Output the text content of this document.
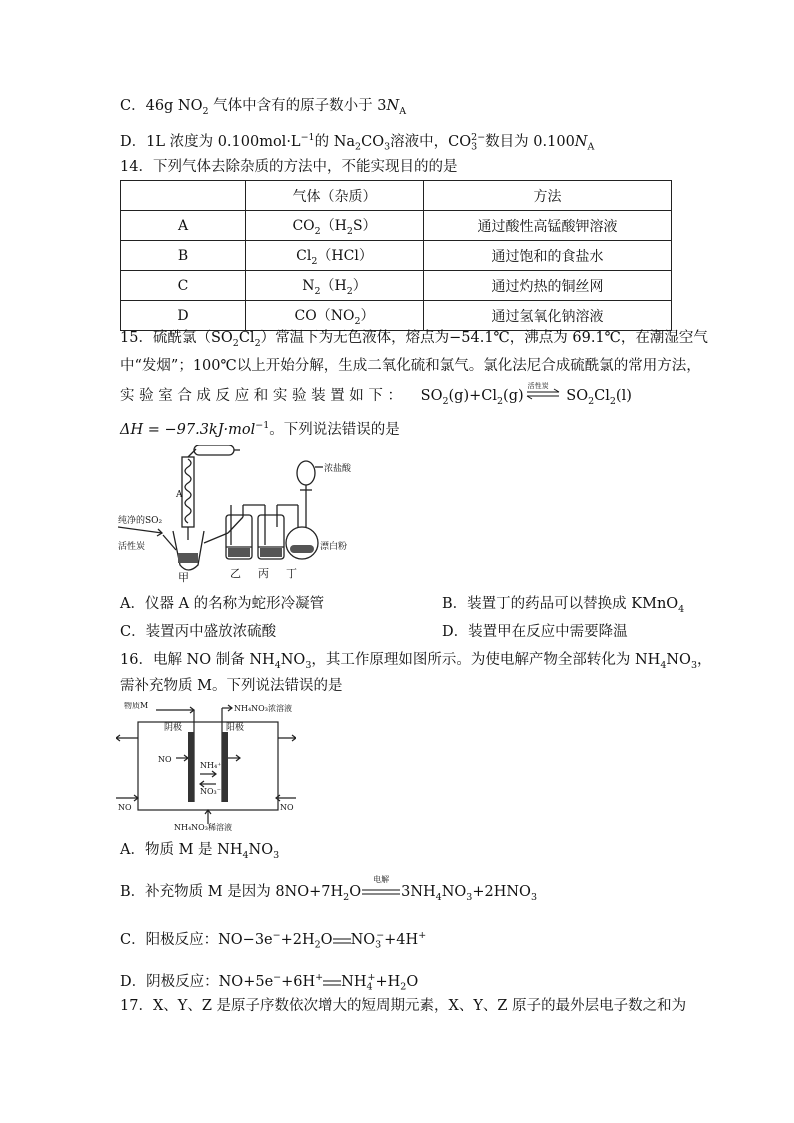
C．46g $NO_2$ 气体中含有的原子数小于 $3N_A$
D．1L 浓度为 $0.100mol\cdot L^{-1}$的 $Na_2CO_3$溶液中，$CO_3^{2-}$数目为 $0.100N_A$
14．下列气体去除杂质的方法中，不能实现目的的是
	气体（杂质）	方法
A	$CO_2(H_2S)$	通过酸性高锰酸钾溶液
B	$Cl_2(HCl)$	通过饱和的食盐水
C	$N_2(H_2)$	通过灼热的铜丝网
D	$CO(NO_2)$	通过氢氧化钠溶液
15．硫酰氯$(SO_2Cl_2)$常温下为无色液体，熔点为−54.1℃，沸点为 69.1℃，在潮湿空气
中“发烟”；100℃以上开始分解，生成二氧化硫和氯气。氯化法尼合成硫酰氯的常用方法，
实 验 室 合 成 反 应 和 实 验 装 置 如 下 ： $SO_2(g)+Cl_2(g)$
活性炭
$SO_2Cl_2(l)$
ΔH = −97.3kJ·mol$^{-1}$。下列说法错误的是
浓盐酸
纯净的SO₂
活性炭
A
甲	乙 丙 丁
漂白粉
A．仪器 A 的名称为蛇形冷凝管	B．装置丁的药品可以替换成 KMnO$_4$
C．装置丙中盛放浓硫酸	D．装置甲在反应中需要降温
16．电解 NO 制备 $NH_4NO_3$，其工作原理如图所示。为使电解产物全部转化为 $NH_4NO_3$，
需补充物质 M。下列说法错误的是
物质M	NH₄NO₃浓溶液
阴极	阳极
NO
NH₄⁺
NO₃⁻
NO	NO
NH₄NO₃稀溶液
A．物质 M 是 $NH_4NO_3$
B．补充物质 M 是因为 $8NO+7H_2O$
电解
$3NH_4NO_3+2HNO_3$
C．阳极反应：$NO-3e^-+2H_2O$ $NO_3^-+4H^+$
D．阴极反应：NO+5e−+6H+ $NH_4^++H_2O$
17．X、Y、Z 是原子序数依次增大的短周期元素，X、Y、Z 原子的最外层电子数之和为
